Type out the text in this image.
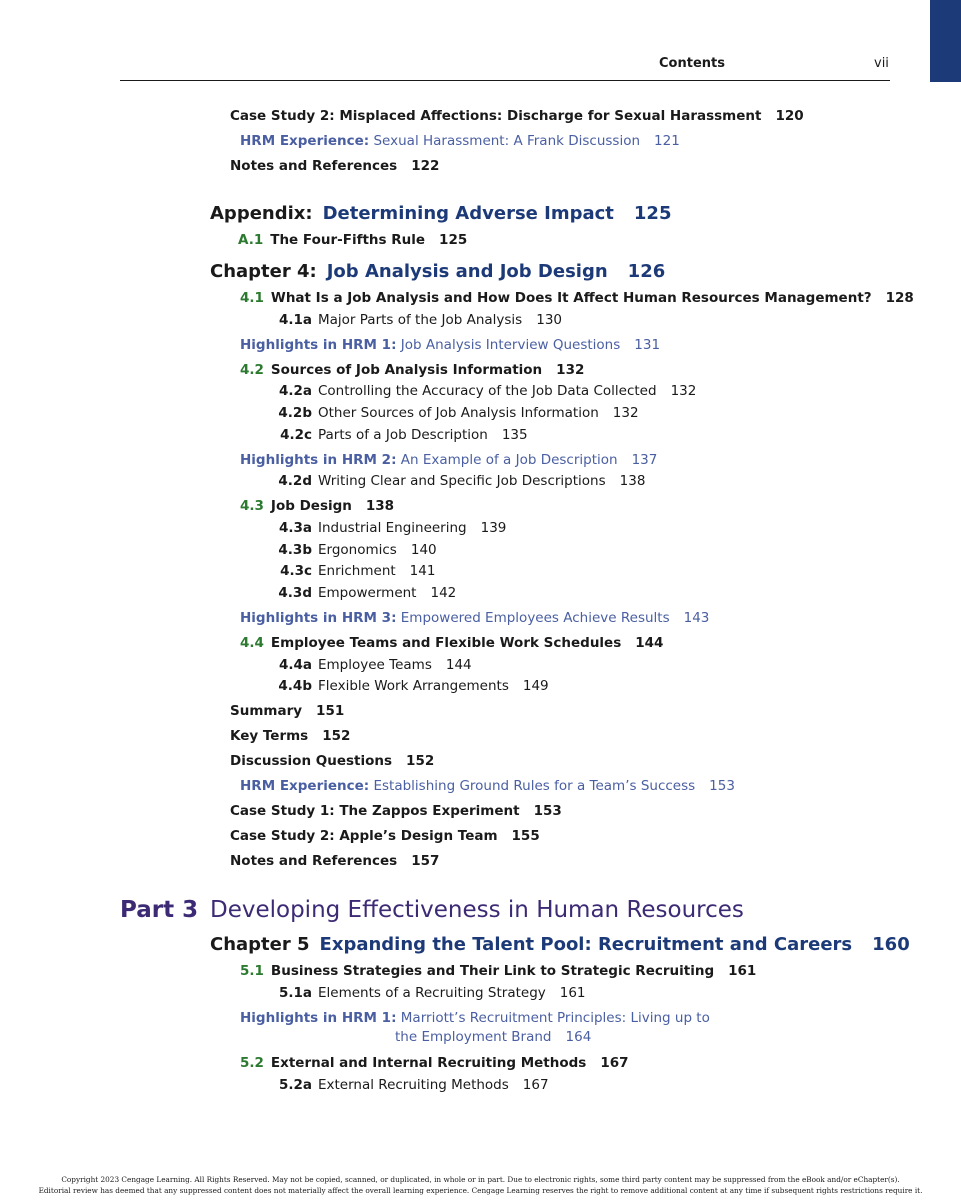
Contents	vii
Case Study 2: Misplaced Affections: Discharge for Sexual Harassment 120
HRM Experience: Sexual Harassment: A Frank Discussion 121
Notes and References 122
Appendix: Determining Adverse Impact 125
A.1 The Four-Fifths Rule 125
Chapter 4: Job Analysis and Job Design 126
4.1 What Is a Job Analysis and How Does It Affect Human Resources Management? 128
4.1a Major Parts of the Job Analysis 130
Highlights in HRM 1: Job Analysis Interview Questions 131
4.2 Sources of Job Analysis Information 132
4.2a Controlling the Accuracy of the Job Data Collected 132
4.2b Other Sources of Job Analysis Information 132
4.2c Parts of a Job Description 135
Highlights in HRM 2: An Example of a Job Description 137
4.2d Writing Clear and Specific Job Descriptions 138
4.3 Job Design 138
4.3a Industrial Engineering 139
4.3b Ergonomics 140
4.3c Enrichment 141
4.3d Empowerment 142
Highlights in HRM 3: Empowered Employees Achieve Results 143
4.4 Employee Teams and Flexible Work Schedules 144
4.4a Employee Teams 144
4.4b Flexible Work Arrangements 149
Summary 151
Key Terms 152
Discussion Questions 152
HRM Experience: Establishing Ground Rules for a Team’s Success 153
Case Study 1: The Zappos Experiment 153
Case Study 2: Apple’s Design Team 155
Notes and References 157
Part 3 Developing Effectiveness in Human Resources
Chapter 5 Expanding the Talent Pool: Recruitment and Careers 160
5.1 Business Strategies and Their Link to Strategic Recruiting 161
5.1a Elements of a Recruiting Strategy 161
Highlights in HRM 1: Marriott’s Recruitment Principles: Living up to
5.2 External and Internal Recruiting Methods 167
5.2a External Recruiting Methods 167
the Employment Brand 164
Copyright 2023 Cengage Learning. All Rights Reserved. May not be copied, scanned, or duplicated, in whole or in part. Due to electronic rights, some third party content may be suppressed from the eBook and/or eChapter(s).
Editorial review has deemed that any suppressed content does not materially affect the overall learning experience. Cengage Learning reserves the right to remove additional content at any time if subsequent rights restrictions require it.
